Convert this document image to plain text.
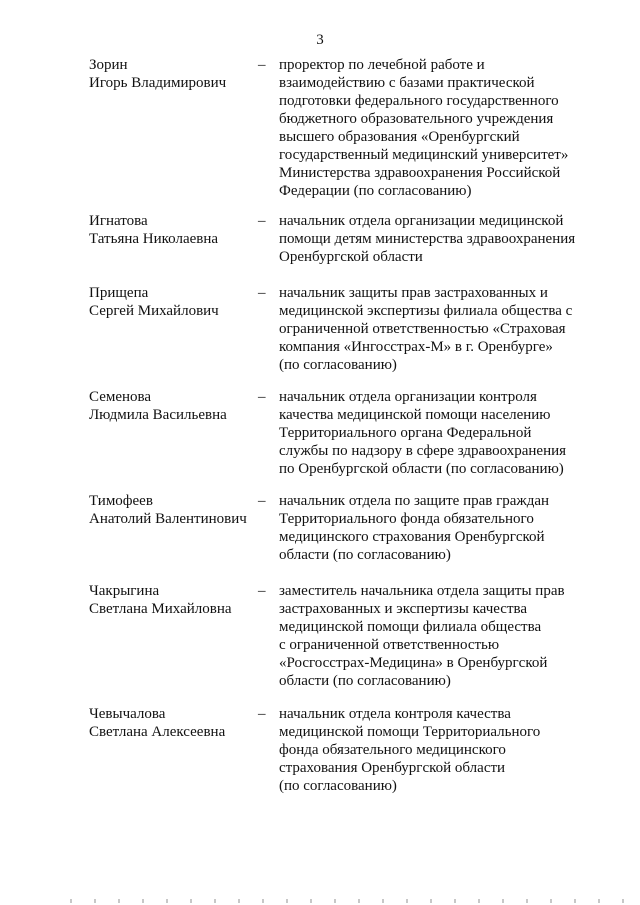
3
Зорин
Игорь Владимирович
– проректор по лечебной работе и
взаимодействию с базами практической
подготовки федерального государственного
бюджетного образовательного учреждения
высшего образования «Оренбургский
государственный медицинский университет»
Министерства здравоохранения Российской
Федерации (по согласованию)
Игнатова
Татьяна Николаевна
– начальник отдела организации медицинской
помощи детям министерства здравоохранения
Оренбургской области
Прищепа
Сергей Михайлович
– начальник защиты прав застрахованных и
медицинской экспертизы филиала общества с
ограниченной ответственностью «Страховая
компания «Ингосстрах-М» в г. Оренбурге»
(по согласованию)
Семенова
Людмила Васильевна
– начальник отдела организации контроля
качества медицинской помощи населению
Территориального органа Федеральной
службы по надзору в сфере здравоохранения
по Оренбургской области (по согласованию)
Тимофеев
Анатолий Валентинович
– начальник отдела по защите прав граждан
Территориального фонда обязательного
медицинского страхования Оренбургской
области (по согласованию)
Чакрыгина
Светлана Михайловна
– заместитель начальника отдела защиты прав
застрахованных и экспертизы качества
медицинской помощи филиала общества
с ограниченной ответственностью
«Росгосстрах-Медицина» в Оренбургской
области (по согласованию)
Чевычалова
Светлана Алексеевна
– начальник отдела контроля качества
медицинской помощи Территориального
фонда обязательного медицинского
страхования Оренбургской области
(по согласованию)
